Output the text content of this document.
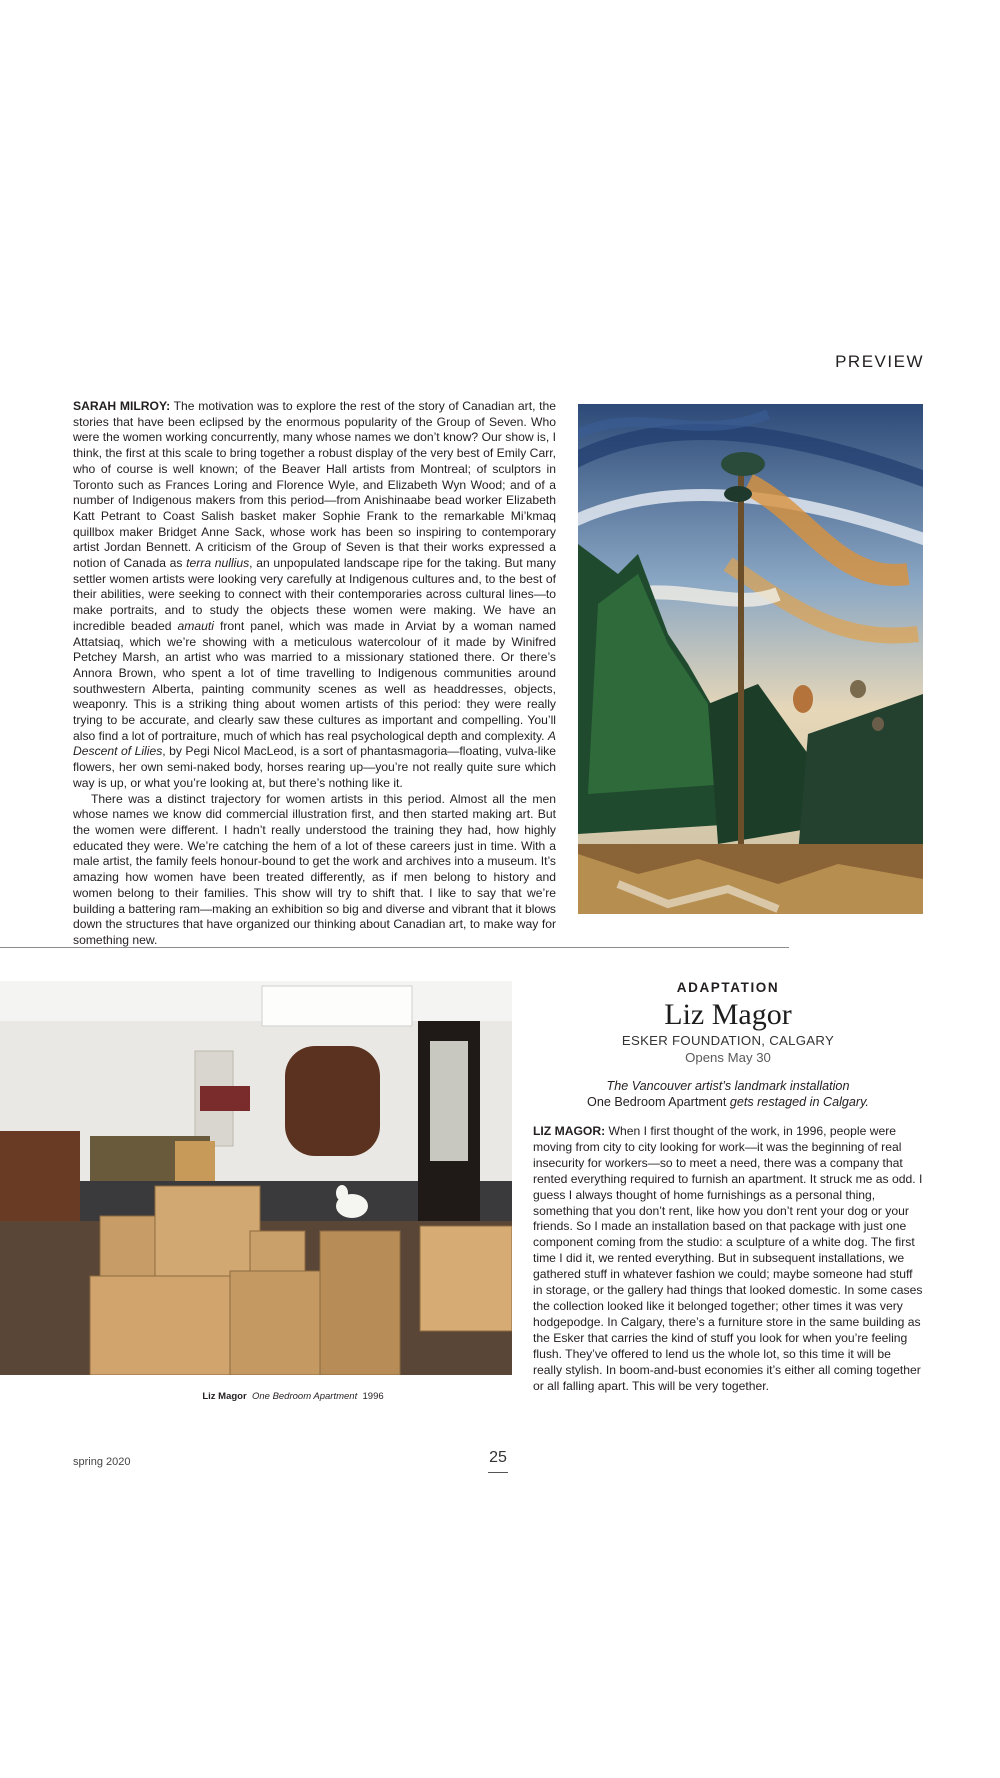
PREVIEW

SARAH MILROY: The motivation was to explore the rest of the story of Canadian art, the stories that have been eclipsed by the enormous popularity of the Group of Seven. Who were the women working concurrently, many whose names we don’t know? Our show is, I think, the first at this scale to bring together a robust display of the very best of Emily Carr, who of course is well known; of the Beaver Hall artists from Montreal; of sculptors in Toronto such as Frances Loring and Florence Wyle, and Elizabeth Wyn Wood; and of a number of Indigenous makers from this period—from Anishinaabe bead worker Elizabeth Katt Petrant to Coast Salish basket maker Sophie Frank to the remarkable Mi’kmaq quillbox maker Bridget Anne Sack, whose work has been so inspiring to contemporary artist Jordan Bennett. A criticism of the Group of Seven is that their works expressed a notion of Canada as terra nullius, an unpopulated landscape ripe for the taking. But many settler women artists were looking very carefully at Indigenous cultures and, to the best of their abilities, were seeking to connect with their contemporaries across cultural lines—to make portraits, and to study the objects these women were making. We have an incredible beaded amauti front panel, which was made in Arviat by a woman named Attatsiaq, which we’re showing with a meticulous watercolour of it made by Winifred Petchey Marsh, an artist who was married to a missionary stationed there. Or there’s Annora Brown, who spent a lot of time travelling to Indigenous communities around southwestern Alberta, painting community scenes as well as headdresses, objects, weaponry. This is a striking thing about women artists of this period: they were really trying to be accurate, and clearly saw these cultures as important and compelling. You’ll also find a lot of portraiture, much of which has real psychological depth and complexity. A Descent of Lilies, by Pegi Nicol MacLeod, is a sort of phantasmagoria—floating, vulva-like flowers, her own semi-naked body, horses rearing up—you’re not really quite sure which way is up, or what you’re looking at, but there’s nothing like it.

There was a distinct trajectory for women artists in this period. Almost all the men whose names we know did commercial illustration first, and then started making art. But the women were different. I hadn’t really understood the training they had, how highly educated they were. We’re catching the hem of a lot of these careers just in time. With a male artist, the family feels honour-bound to get the work and archives into a museum. It’s amazing how women have been treated differently, as if men belong to history and women belong to their families. This show will try to shift that. I like to say that we’re building a battering ram—making an exhibition so big and diverse and vibrant that it blows down the structures that have organized our thinking about Canadian art, to make way for something new.

Liz Magor One Bedroom Apartment 1996
ADAPTATION
Liz Magor
ESKER FOUNDATION, CALGARY
Opens May 30
The Vancouver artist’s landmark installation
One Bedroom Apartment gets restaged in Calgary.

LIZ MAGOR: When I first thought of the work, in 1996, people were moving from city to city looking for work—it was the beginning of real insecurity for workers—so to meet a need, there was a company that rented everything required to furnish an apartment. It struck me as odd. I guess I always thought of home furnishings as a personal thing, something that you don’t rent, like how you don’t rent your dog or your friends. So I made an installation based on that package with just one component coming from the studio: a sculpture of a white dog. The first time I did it, we rented everything. But in subsequent installations, we gathered stuff in whatever fashion we could; maybe someone had stuff in storage, or the gallery had things that looked domestic. In some cases the collection looked like it belonged together; other times it was very hodgepodge. In Calgary, there’s a furniture store in the same building as the Esker that carries the kind of stuff you look for when you’re feeling flush. They’ve offered to lend us the whole lot, so this time it will be really stylish. In boom-and-bust economies it’s either all coming together or all falling apart. This will be very together.

spring 2020	25
